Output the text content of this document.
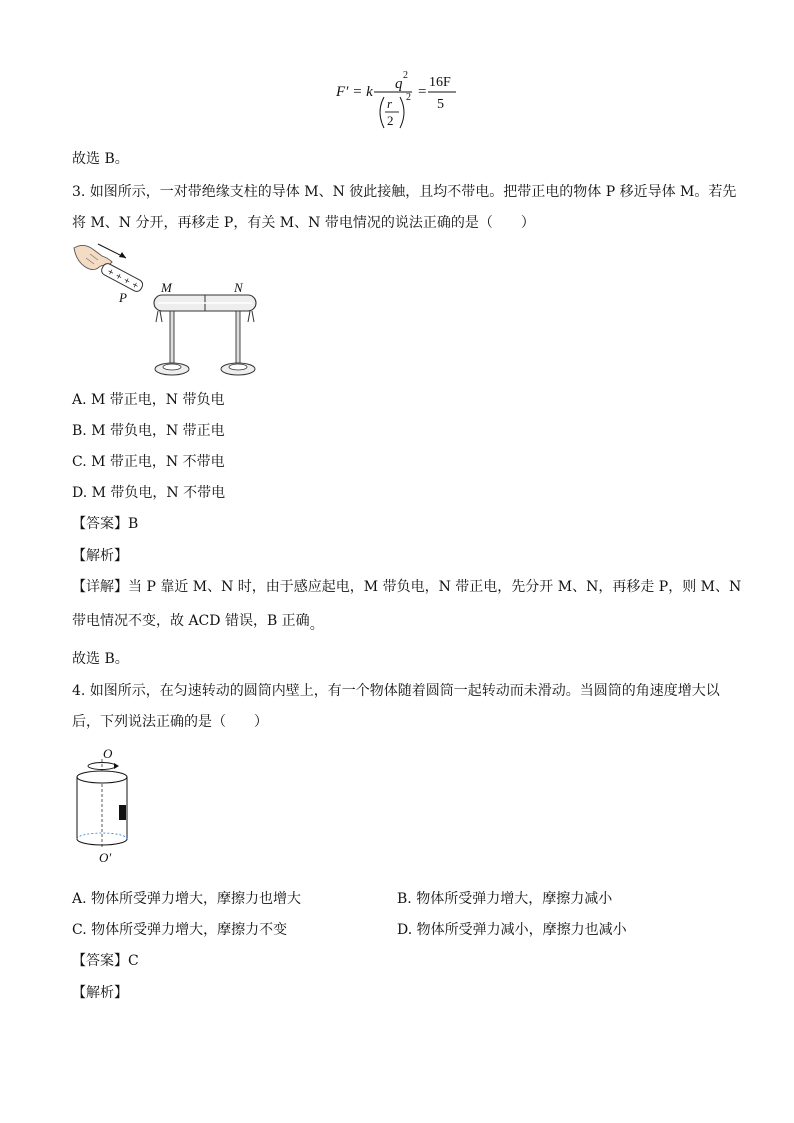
F′ = k q
2
r
2
2 =
16F
5
故选 B。
3. 如图所示，一对带绝缘支柱的导体 M、N 彼此接触，且均不带电。把带正电的物体 P 移近导体 M。若先
将 M、N 分开，再移走 P，有关 M、N 带电情况的说法正确的是（　　）
+ + + +
P
M	N
A. M 带正电，N 带负电
B. M 带负电，N 带正电
C. M 带正电，N 不带电
D. M 带负电，N 不带电
【答案】B
【解析】
【详解】当 P 靠近 M、N 时，由于感应起电，M 带负电，N 带正电，先分开 M、N，再移走 P，则 M、N
带电情况不变，故 ACD 错误，B 正确。
故选 B。
4. 如图所示，在匀速转动的圆筒内壁上，有一个物体随着圆筒一起转动而未滑动。当圆筒的角速度增大以
后，下列说法正确的是（　　）
O
O′
A. 物体所受弹力增大，摩擦力也增大	B. 物体所受弹力增大，摩擦力减小
C. 物体所受弹力增大，摩擦力不变	D. 物体所受弹力减小，摩擦力也减小
【答案】C
【解析】
